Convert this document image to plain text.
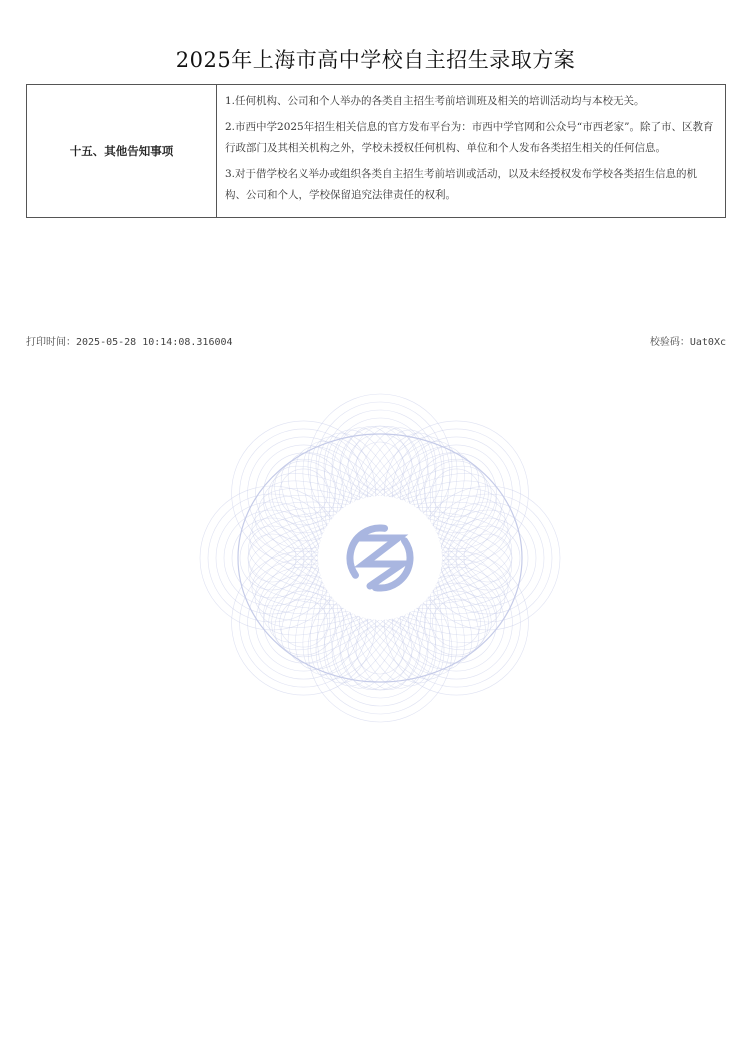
2025年上海市高中学校自主招生录取方案
十五、其他告知事项	

1.任何机构、公司和个人举办的各类自主招生考前培训班及相关的培训活动均与本校无关。

2.市西中学2025年招生相关信息的官方发布平台为：市西中学官网和公众号“市西老家”。除了市、区教育行政部门及其相关机构之外，学校未授权任何机构、单位和个人发布各类招生相关的任何信息。

3.对于借学校名义举办或组织各类自主招生考前培训或活动，以及未经授权发布学校各类招生信息的机构、公司和个人，学校保留追究法律责任的权利。

打印时间：2025-05-28 10:14:08.316004	校验码：Uat0Xc
